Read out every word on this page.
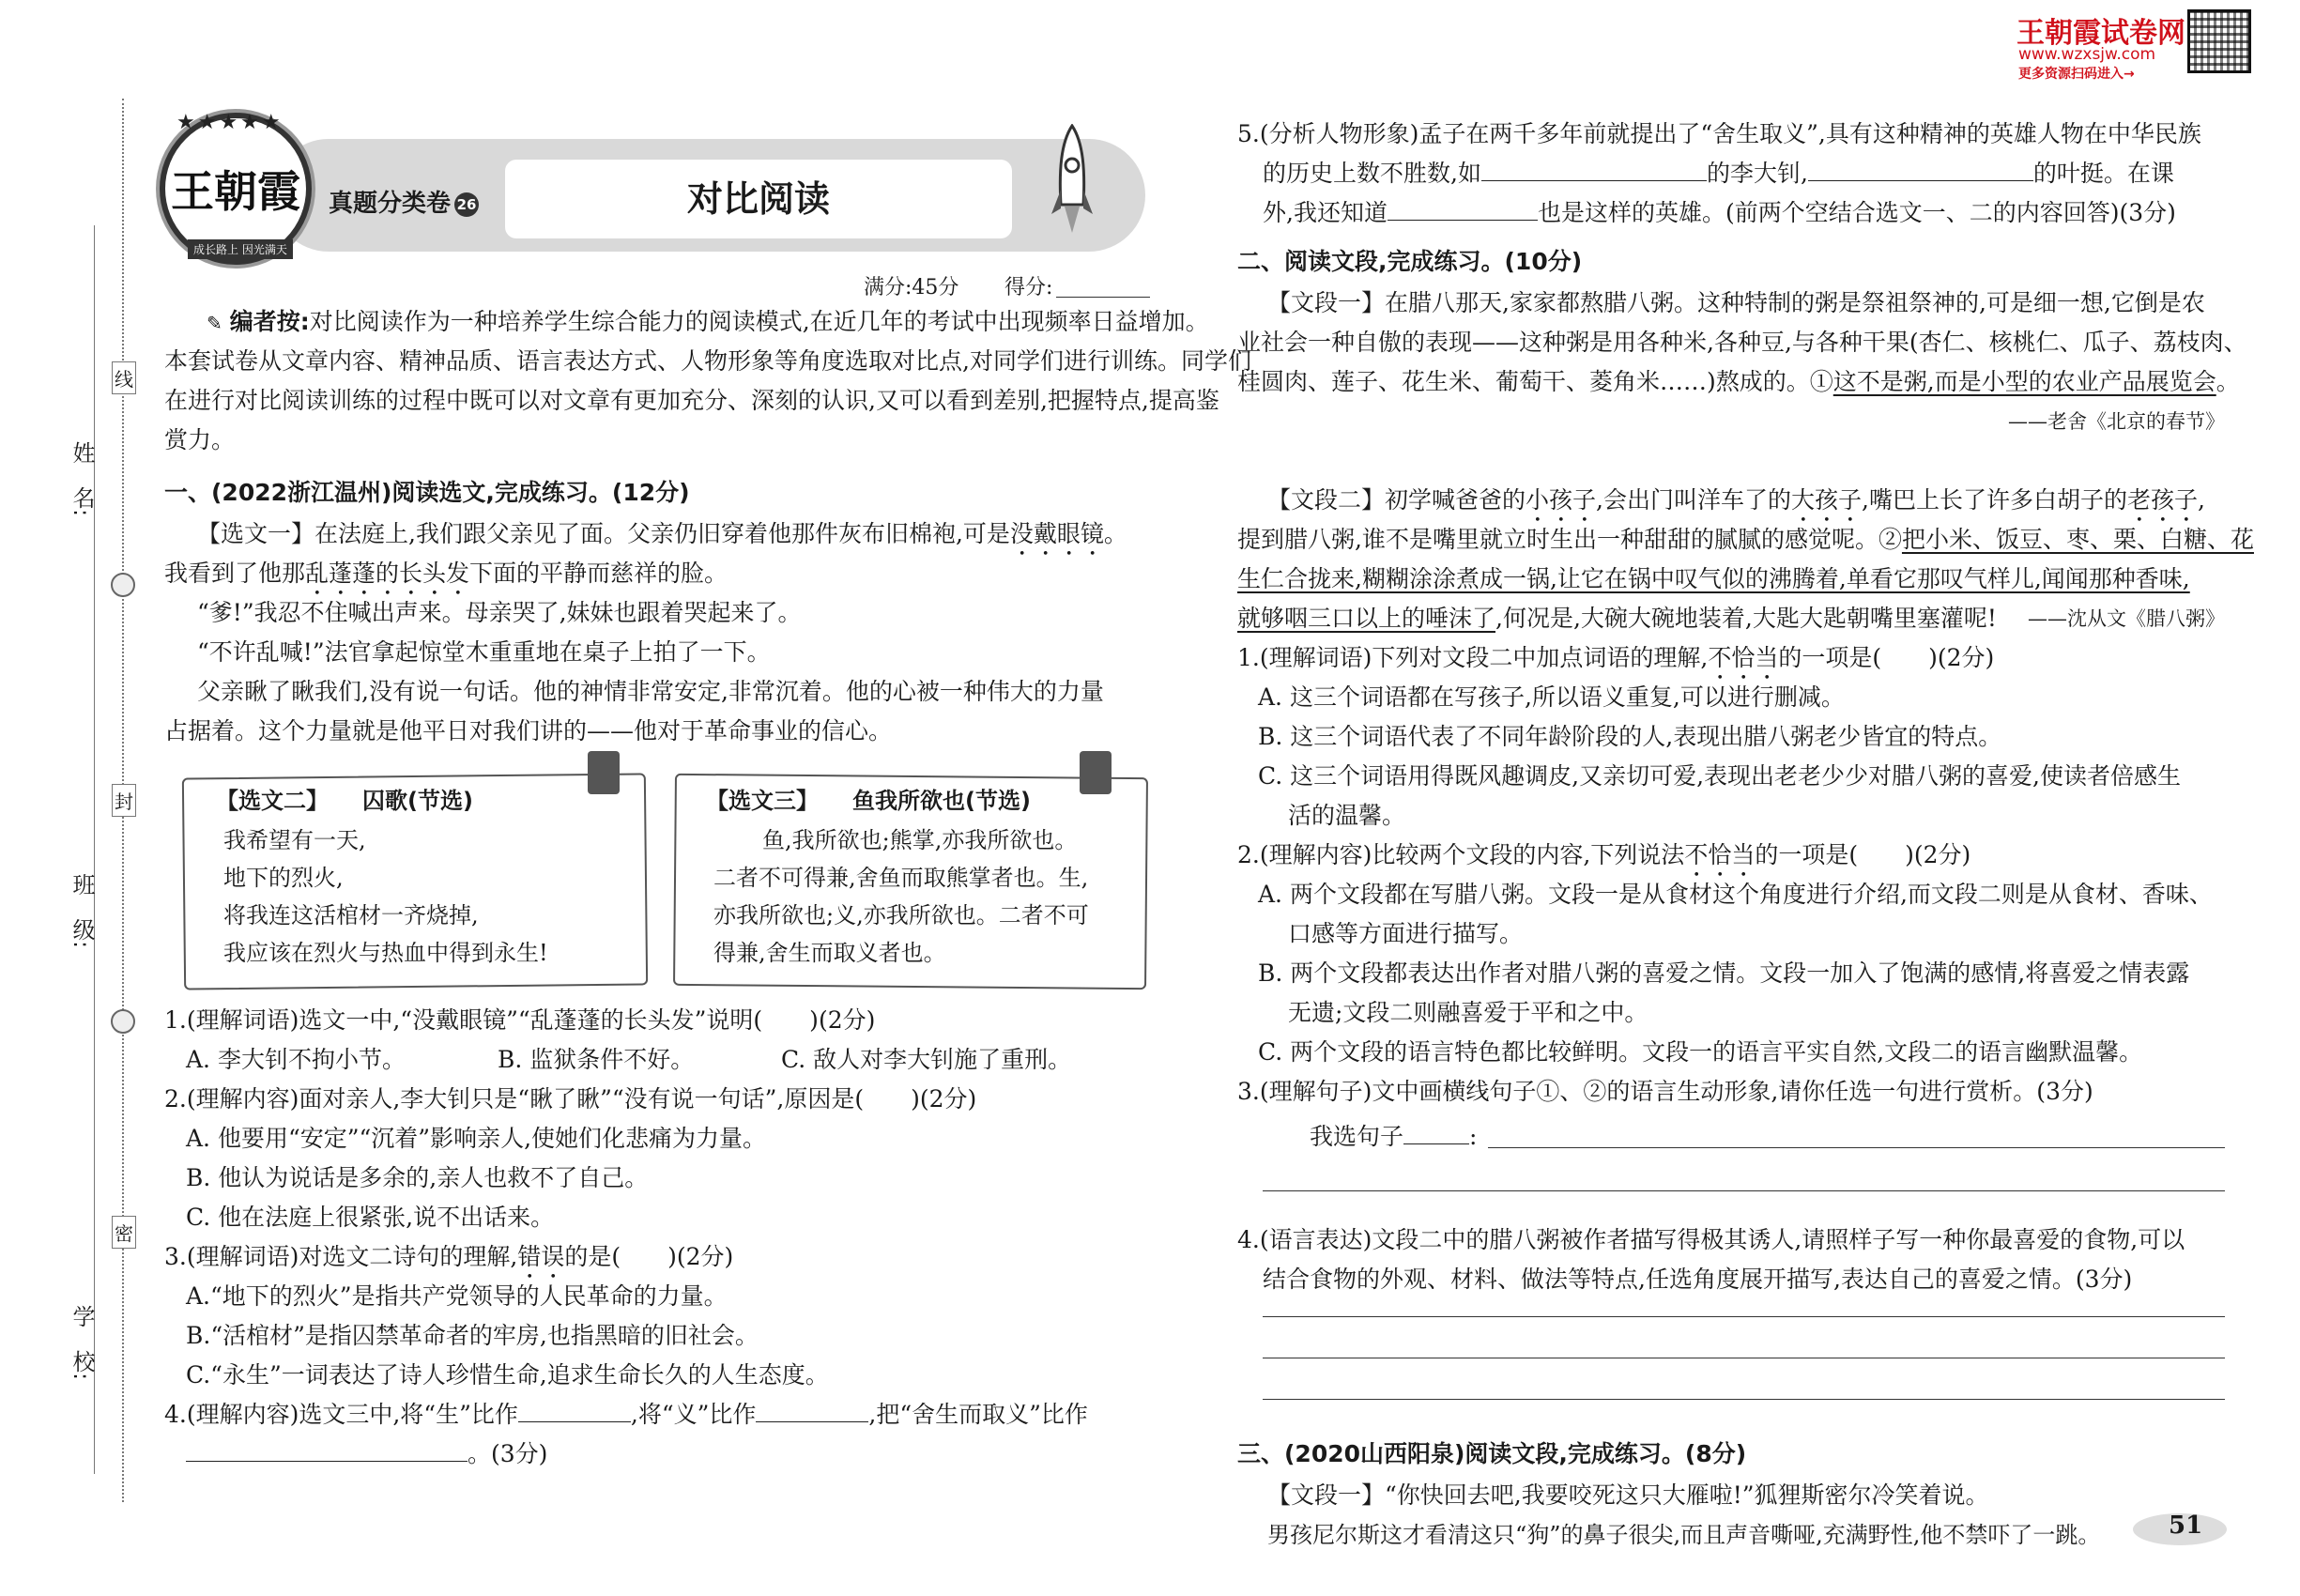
姓　名:
班　级:
学　校:
线
封
密
王朝霞试卷网
www.wzxsjw.com
更多资源扫码进入→
★★★★★
王朝霞
成长路上 因光满天
真题分类卷 26	对比阅读
满分:45分 得分:
✎ 编者按:对比阅读作为一种培养学生综合能力的阅读模式,在近几年的考试中出现频率日益增加。
本套试卷从文章内容、精神品质、语言表达方式、人物形象等角度选取对比点,对同学们进行训练。同学们
在进行对比阅读训练的过程中既可以对文章有更加充分、深刻的认识,又可以看到差别,把握特点,提高鉴
赏力。
一、(2022浙江温州)阅读选文,完成练习。(12分)
【选文一】在法庭上,我们跟父亲见了面。父亲仍旧穿着他那件灰布旧棉袍,可是没戴眼镜。
我看到了他那乱蓬蓬的长头发下面的平静而慈祥的脸。
“爹!”我忍不住喊出声来。母亲哭了,妹妹也跟着哭起来了。
“不许乱喊!”法官拿起惊堂木重重地在桌子上拍了一下。
父亲瞅了瞅我们,没有说一句话。他的神情非常安定,非常沉着。他的心被一种伟大的力量
占据着。这个力量就是他平日对我们讲的——他对于革命事业的信心。
【选文二】　　囚歌(节选)
我希望有一天,
地下的烈火,
将我连这活棺材一齐烧掉,
我应该在烈火与热血中得到永生!
【选文三】　　鱼我所欲也(节选)
鱼,我所欲也;熊掌,亦我所欲也。
二者不可得兼,舍鱼而取熊掌者也。生,
亦我所欲也;义,亦我所欲也。二者不可
得兼,舍生而取义者也。
1.(理解词语)选文一中,“没戴眼镜”“乱蓬蓬的长头发”说明(　　)(2分)
A. 李大钊不拘小节。	B. 监狱条件不好。	C. 敌人对李大钊施了重刑。
2.(理解内容)面对亲人,李大钊只是“瞅了瞅”“没有说一句话”,原因是(　　)(2分)
A. 他要用“安定”“沉着”影响亲人,使她们化悲痛为力量。
B. 他认为说话是多余的,亲人也救不了自己。
C. 他在法庭上很紧张,说不出话来。
3.(理解词语)对选文二诗句的理解,错误的是(　　)(2分)
A.“地下的烈火”是指共产党领导的人民革命的力量。
B.“活棺材”是指囚禁革命者的牢房,也指黑暗的旧社会。
C.“永生”一词表达了诗人珍惜生命,追求生命长久的人生态度。
4.(理解内容)选文三中,将“生”比作	,将“义”比作	,把“舍生而取义”比作
。(3分)
5.(分析人物形象)孟子在两千多年前就提出了“舍生取义”,具有这种精神的英雄人物在中华民族
的历史上数不胜数,如	的李大钊,	的叶挺。在课
外,我还知道	也是这样的英雄。(前两个空结合选文一、二的内容回答)(3分)
二、阅读文段,完成练习。(10分)
【文段一】在腊八那天,家家都熬腊八粥。这种特制的粥是祭祖祭神的,可是细一想,它倒是农
业社会一种自傲的表现——这种粥是用各种米,各种豆,与各种干果(杏仁、核桃仁、瓜子、荔枝肉、
桂圆肉、莲子、花生米、葡萄干、菱角米……)熬成的。①这不是粥,而是小型的农业产品展览会。
——老舍《北京的春节》
【文段二】初学喊爸爸的小孩子,会出门叫洋车了的大孩子,嘴巴上长了许多白胡子的老孩子,
提到腊八粥,谁不是嘴里就立时生出一种甜甜的腻腻的感觉呢。②把小米、饭豆、枣、栗、白糖、花
生仁合拢来,糊糊涂涂煮成一锅,让它在锅中叹气似的沸腾着,单看它那叹气样儿,闻闻那种香味,
就够咽三口以上的唾沫了,何况是,大碗大碗地装着,大匙大匙朝嘴里塞灌呢!	——沈从文《腊八粥》
1.(理解词语)下列对文段二中加点词语的理解,不恰当的一项是(　　)(2分)
A. 这三个词语都在写孩子,所以语义重复,可以进行删减。
B. 这三个词语代表了不同年龄阶段的人,表现出腊八粥老少皆宜的特点。
C. 这三个词语用得既风趣调皮,又亲切可爱,表现出老老少少对腊八粥的喜爱,使读者倍感生
活的温馨。
2.(理解内容)比较两个文段的内容,下列说法不恰当的一项是(　　)(2分)
A. 两个文段都在写腊八粥。文段一是从食材这个角度进行介绍,而文段二则是从食材、香味、
口感等方面进行描写。
B. 两个文段都表达出作者对腊八粥的喜爱之情。文段一加入了饱满的感情,将喜爱之情表露
无遗;文段二则融喜爱于平和之中。
C. 两个文段的语言特色都比较鲜明。文段一的语言平实自然,文段二的语言幽默温馨。
3.(理解句子)文中画横线句子①、②的语言生动形象,请你任选一句进行赏析。(3分)
我选句子	:
4.(语言表达)文段二中的腊八粥被作者描写得极其诱人,请照样子写一种你最喜爱的食物,可以
结合食物的外观、材料、做法等特点,任选角度展开描写,表达自己的喜爱之情。(3分)
三、(2020山西阳泉)阅读文段,完成练习。(8分)
【文段一】“你快回去吧,我要咬死这只大雁啦!”狐狸斯密尔冷笑着说。
男孩尼尔斯这才看清这只“狗”的鼻子很尖,而且声音嘶哑,充满野性,他不禁吓了一跳。	51
